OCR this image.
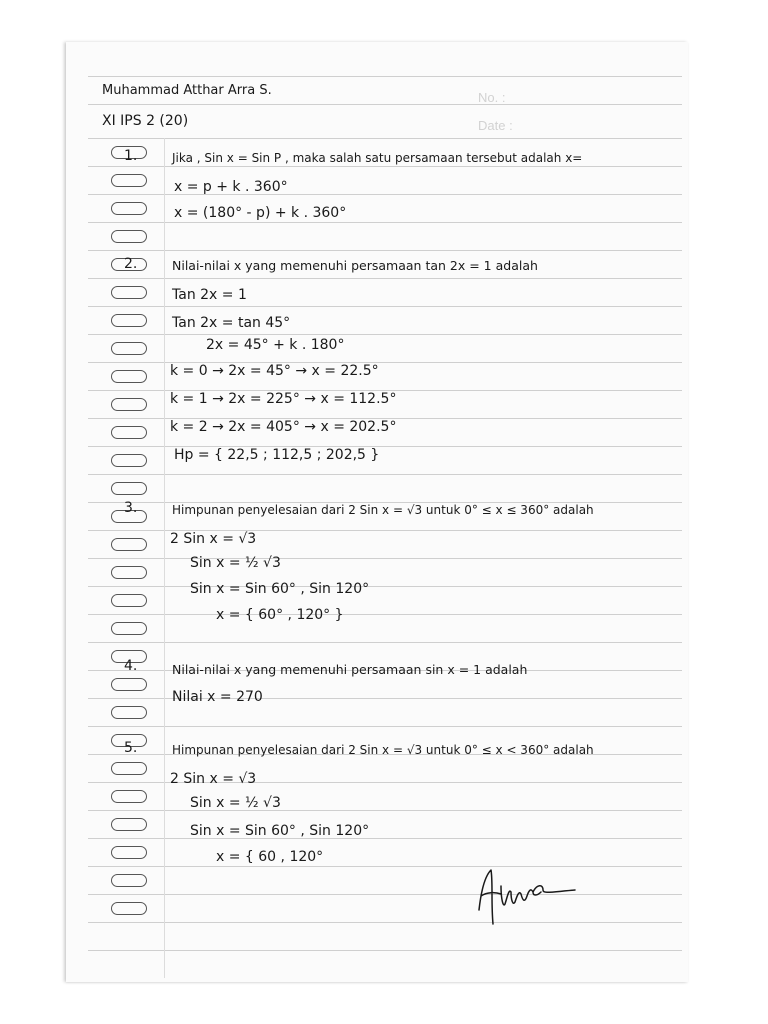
No. :
Date :
Muhammad Atthar Arra S.
XI IPS 2 (20)
1.	Jika , Sin x = Sin P , maka salah satu persamaan tersebut adalah x=
x = p + k . 360°
x = (180° - p) + k . 360°
2.	Nilai-nilai x yang memenuhi persamaan tan 2x = 1 adalah
Tan 2x = 1
Tan 2x = tan 45°
2x = 45° + k . 180°
k = 0 → 2x = 45° → x = 22.5°
k = 1 → 2x = 225° → x = 112.5°
k = 2 → 2x = 405° → x = 202.5°
Hp = { 22,5 ; 112,5 ; 202,5 }
3.	Himpunan penyelesaian dari 2 Sin x = √3 untuk 0° ≤ x ≤ 360° adalah
2 Sin x = √3
Sin x = ½ √3
Sin x = Sin 60° , Sin 120°
x = { 60° , 120° }
4.	Nilai-nilai x yang memenuhi persamaan sin x = 1 adalah
Nilai x = 270
5.	Himpunan penyelesaian dari 2 Sin x = √3 untuk 0° ≤ x < 360° adalah
2 Sin x = √3
Sin x = ½ √3
Sin x = Sin 60° , Sin 120°
x = { 60 , 120°
